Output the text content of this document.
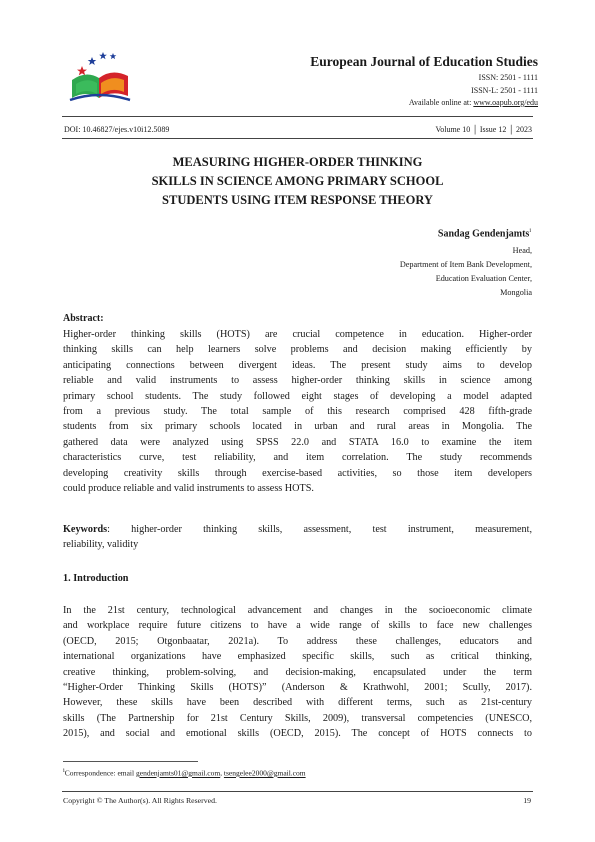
European Journal of Education Studies
ISSN: 2501 - 1111
ISSN-L: 2501 - 1111
Available online at: www.oapub.org/edu
DOI: 10.46827/ejes.v10i12.5089	Volume 10 │ Issue 12 │ 2023
MEASURING HIGHER-ORDER THINKING
SKILLS IN SCIENCE AMONG PRIMARY SCHOOL
STUDENTS USING ITEM RESPONSE THEORY
Sandag Gendenjamts$^i$
Head,
Department of Item Bank Development,
Education Evaluation Center,
Mongolia
Abstract:
Higher-order thinking skills (HOTS) are crucial competence in education. Higher-order
thinking skills can help learners solve problems and decision making efficiently by
anticipating connections between divergent ideas. The present study aims to develop
reliable and valid instruments to assess higher-order thinking skills in science among
primary school students. The study followed eight stages of developing a model adapted
from a previous study. The total sample of this research comprised 428 fifth-grade
students from six primary schools located in urban and rural areas in Mongolia. The
gathered data were analyzed using SPSS 22.0 and STATA 16.0 to examine the item
characteristics curve, test reliability, and item correlation. The study recommends
developing creativity skills through exercise-based activities, so those item developers
could produce reliable and valid instruments to assess HOTS.
Keywords: higher-order thinking skills, assessment, test instrument, measurement,
reliability, validity
1. Introduction
In the 21st century, technological advancement and changes in the socioeconomic climate
and workplace require future citizens to have a wide range of skills to face new challenges
(OECD, 2015; Otgonbaatar, 2021a). To address these challenges, educators and
international organizations have emphasized specific skills, such as critical thinking,
creative thinking, problem-solving, and decision-making, encapsulated under the term
“Higher-Order Thinking Skills (HOTS)” (Anderson & Krathwohl, 2001; Scully, 2017).
However, these skills have been described with different terms, such as 21st-century
skills (The Partnership for 21st Century Skills, 2009), transversal competencies (UNESCO,
2015), and social and emotional skills (OECD, 2015). The concept of HOTS connects to
$^i$Correspondence: email gendenjamts01@gmail.com, tsengelee2000@gmail.com
Copyright © The Author(s). All Rights Reserved.	19
